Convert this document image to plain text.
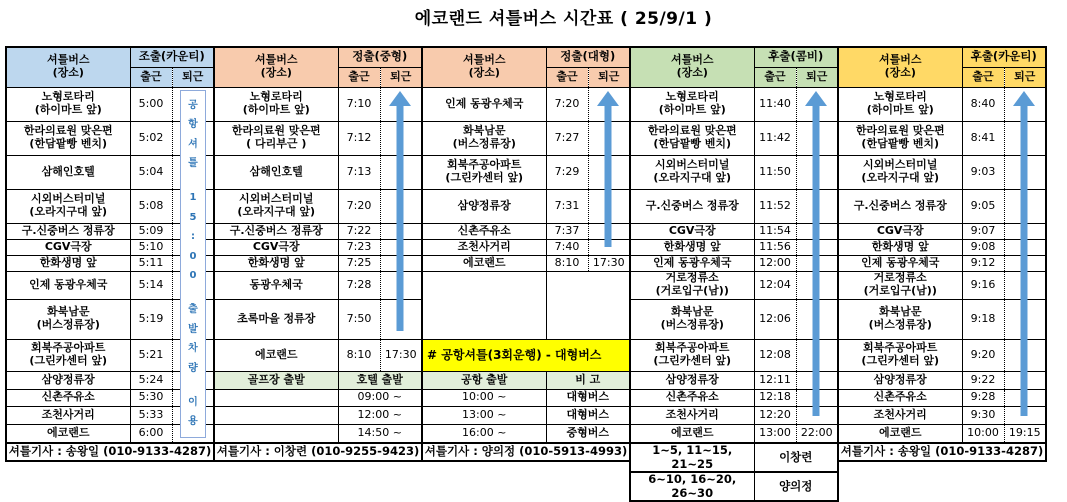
에코랜드 셔틀버스 시간표 ( 25/9/1 )
셔틀버스
(장소)	조출(카운티)	
	출근	퇴근

노형로타리
(하이마트 앞)	5:00	

한라의료원 맞은편
(한담팥빵 벤치)	5:02	

삼해인호텔	5:04	

시외버스터미널
(오라지구대 앞)	5:08	

구.신중버스 정류장	5:09	

CGV극장	5:10	

한화생명 앞	5:11	

인제 동광우체국	5:14	

화북남문
(버스정류장)	5:19	

회북주공아파트
(그린카센터 앞)	5:21	

삼양정류장	5:24	

신촌주유소	5:30	

조천사거리	5:33	

에코랜드	6:00	
셔틀기사 : 송왕일 (010-9133-4287)		
공
항
셔
틀
1
5
:
0
0
출
발
차
량
이
용
셔틀버스
(장소)	정출(중형)	
	출근	퇴근

노형로타리
(하이마트 앞)	7:10	

한라의료원 맞은편
( 다리부근 )	7:12	

삼해인호텔	7:13	

시외버스터미널
(오라지구대 앞)	7:20	

구.신중버스 정류장	7:22	

CGV극장	7:23	

한화생명 앞	7:25	

동광우체국	7:28	

초록마을 정류장	7:50	

에코랜드	8:10	17:30
골프장 출발	호텔 출발	
	09:00 ~	
	12:00 ~	
	14:50 ~	
셔틀기사 : 이창련 (010-9255-9423)		
셔틀버스
(장소)	정출(대형)	
	출근	퇴근

인제 동광우체국	7:20	

화북남문
(버스정류장)	7:27	

회북주공아파트
(그린카센터 앞)	7:29	

삼양정류장	7:31	

신촌주유소	7:37	

조천사거리	7:40	

에코랜드	8:10	17:30

# 공항셔틀(3회운행) - 대형버스		
공항 출발	비 고	
10:00 ~	대형버스	
13:00 ~	대형버스	
16:00 ~	중형버스	
셔틀기사 : 양의정 (010-5913-4993)		
셔틀버스
(장소)	후출(콤비)	
	출근	퇴근

노형로타리
(하이마트 앞)	11:40	

한라의료원 맞은편
(한담팥빵 벤치)	11:42	

시외버스터미널
(오라지구대 앞)	11:50	

구.신중버스 정류장	11:52	

CGV극장	11:54	

한화생명 앞	11:56	

인제 동광우체국	12:00	

거로정류소
(거로입구(남))	12:04	

화북남문
(버스정류장)	12:06	

회북주공아파트
(그린카센터 앞)	12:08	

삼양정류장	12:11	

신촌주유소	12:18	

조천사거리	12:20	

에코랜드	13:00	22:00
1~5, 11~15, 21~25	이창련	
6~10, 16~20, 26~30	양의정	
셔틀버스
(장소)	후출(카운티)	
	출근	퇴근

노형로타리
(하이마트 앞)	8:40	

한라의료원 맞은편
(한담팥빵 벤치)	8:41	

시외버스터미널
(오라지구대 앞)	9:03	

구.신중버스 정류장	9:05	

CGV극장	9:07	

한화생명 앞	9:08	

인제 동광우체국	9:12	

거로정류소
(거로입구(남))	9:16	

화북남문
(버스정류장)	9:18	

회북주공아파트
(그린카센터 앞)	9:20	

삼양정류장	9:22	

신촌주유소	9:28	

조천사거리	9:30	

에코랜드	10:00	19:15
셔틀기사 : 송왕일 (010-9133-4287)		
